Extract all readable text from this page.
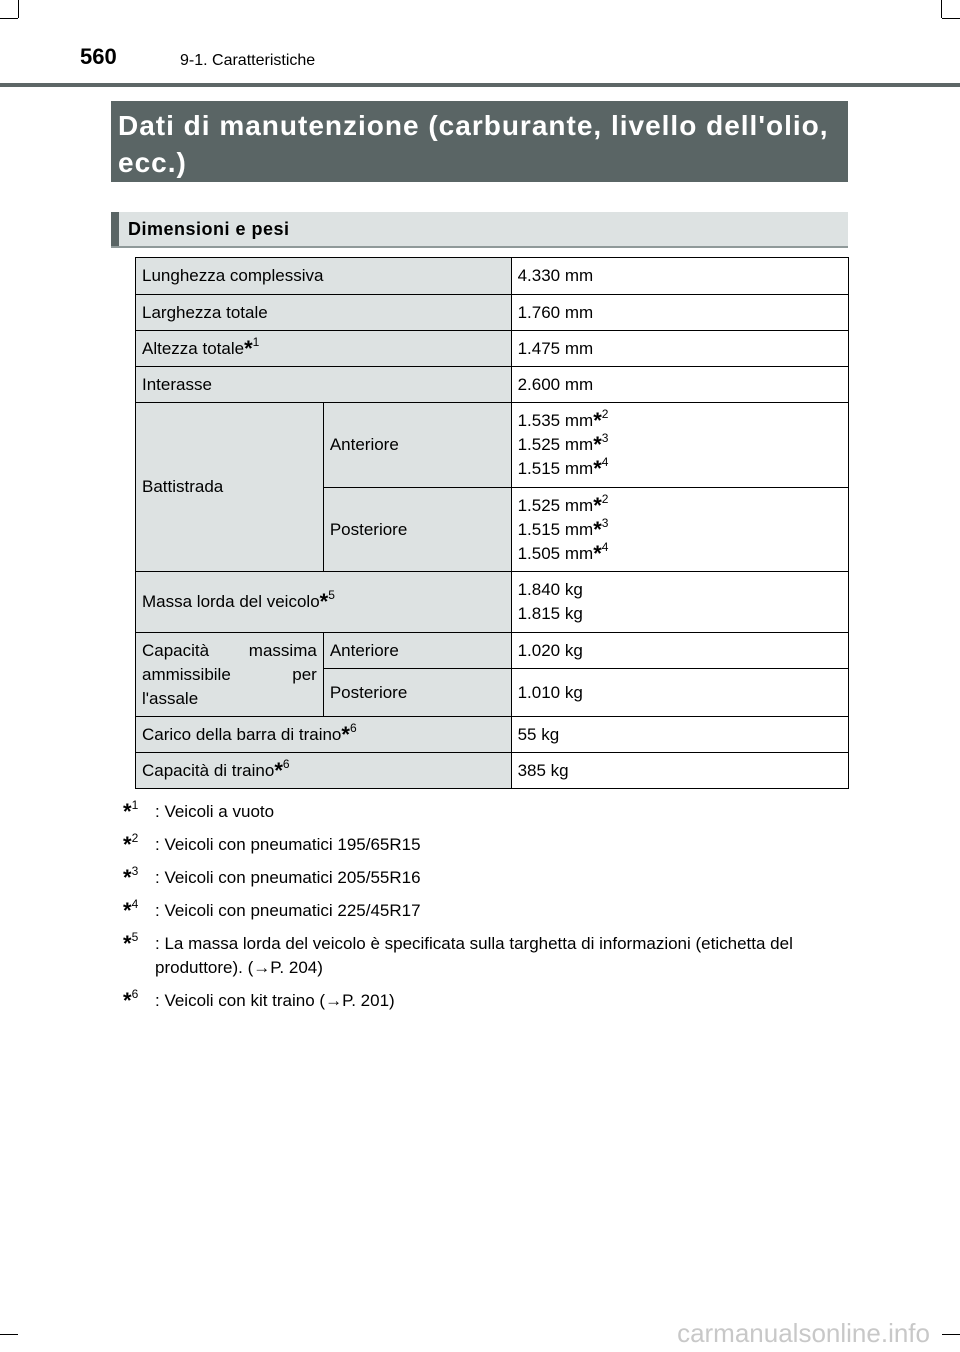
560	9-1. Caratteristiche
Dati di manutenzione (carburante, livello dell'olio, ecc.)
Dimensioni e pesi
Lunghezza complessiva		4.330 mm
Larghezza totale		1.760 mm
Altezza totale*$^1$		1.475 mm
Interasse		2.600 mm
Battistrada	Anteriore	1.535 mm*$^2$
1.525 mm*$^3$
1.515 mm*$^4$

	Posteriore	1.525 mm*$^2$
1.515 mm*$^3$
1.505 mm*$^4$

Massa lorda del veicolo*$^5$		1.840 kg
1.815 kg

Capacità massima
ammissibile per
l'assale	Anteriore	1.020 kg
	Posteriore	1.010 kg
Carico della barra di traino*$^6$		55 kg
Capacità di traino*$^6$		385 kg
*$^1$ : Veicoli a vuoto
*$^2$ : Veicoli con pneumatici 195/65R15
*$^3$ : Veicoli con pneumatici 205/55R16
*$^4$ : Veicoli con pneumatici 225/45R17
*$^5$ : La massa lorda del veicolo è specificata sulla targhetta di informazioni (etichetta del produttore). (→P. 204)
*$^6$ : Veicoli con kit traino (→P. 201)
carmanualsonline.info
